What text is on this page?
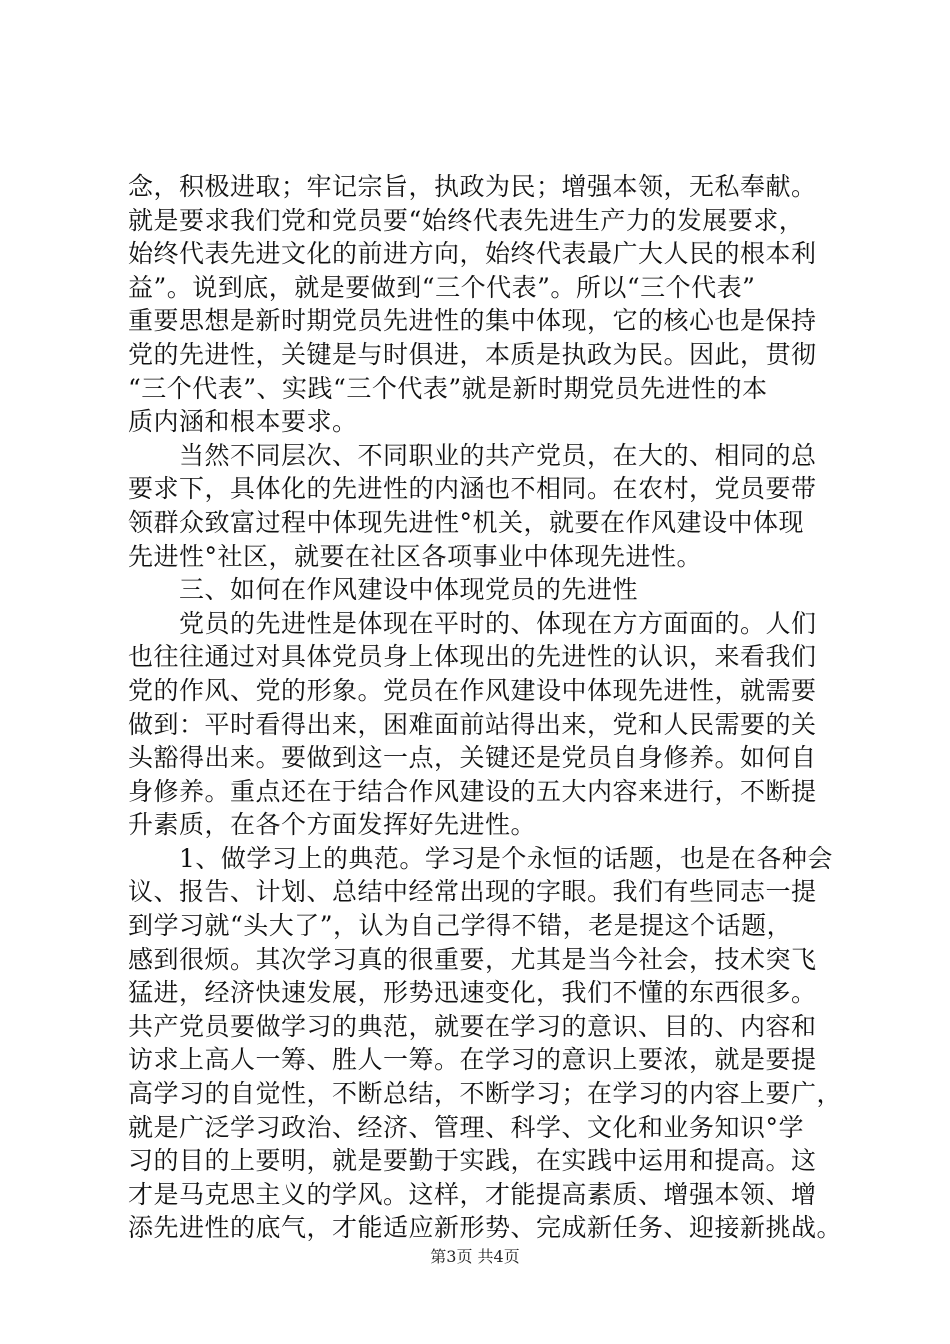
念，积极进取；牢记宗旨，执政为民；增强本领，无私奉献。
就是要求我们党和党员要“始终代表先进生产力的发展要求，
始终代表先进文化的前进方向，始终代表最广大人民的根本利
益”。说到底，就是要做到“三个代表”。所以“三个代表”
重要思想是新时期党员先进性的集中体现，它的核心也是保持
党的先进性，关键是与时俱进，本质是执政为民。因此，贯彻
“三个代表”、实践“三个代表”就是新时期党员先进性的本
质内涵和根本要求。
　　当然不同层次、不同职业的共产党员，在大的、相同的总
要求下，具体化的先进性的内涵也不相同。在农村，党员要带
领群众致富过程中体现先进性°机关，就要在作风建设中体现
先进性°社区，就要在社区各项事业中体现先进性。
　　三、如何在作风建设中体现党员的先进性
　　党员的先进性是体现在平时的、体现在方方面面的。人们
也往往通过对具体党员身上体现出的先进性的认识，来看我们
党的作风、党的形象。党员在作风建设中体现先进性，就需要
做到：平时看得出来，困难面前站得出来，党和人民需要的关
头豁得出来。要做到这一点，关键还是党员自身修养。如何自
身修养。重点还在于结合作风建设的五大内容来进行，不断提
升素质，在各个方面发挥好先进性。
　　1、做学习上的典范。学习是个永恒的话题，也是在各种会
议、报告、计划、总结中经常出现的字眼。我们有些同志一提
到学习就“头大了”，认为自己学得不错，老是提这个话题，
感到很烦。其次学习真的很重要，尤其是当今社会，技术突飞
猛进，经济快速发展，形势迅速变化，我们不懂的东西很多。
共产党员要做学习的典范，就要在学习的意识、目的、内容和
访求上高人一筹、胜人一筹。在学习的意识上要浓，就是要提
高学习的自觉性，不断总结，不断学习；在学习的内容上要广，
就是广泛学习政治、经济、管理、科学、文化和业务知识°学
习的目的上要明，就是要勤于实践，在实践中运用和提高。这
才是马克思主义的学风。这样，才能提高素质、增强本领、增
添先进性的底气，才能适应新形势、完成新任务、迎接新挑战。
第3页 共4页
